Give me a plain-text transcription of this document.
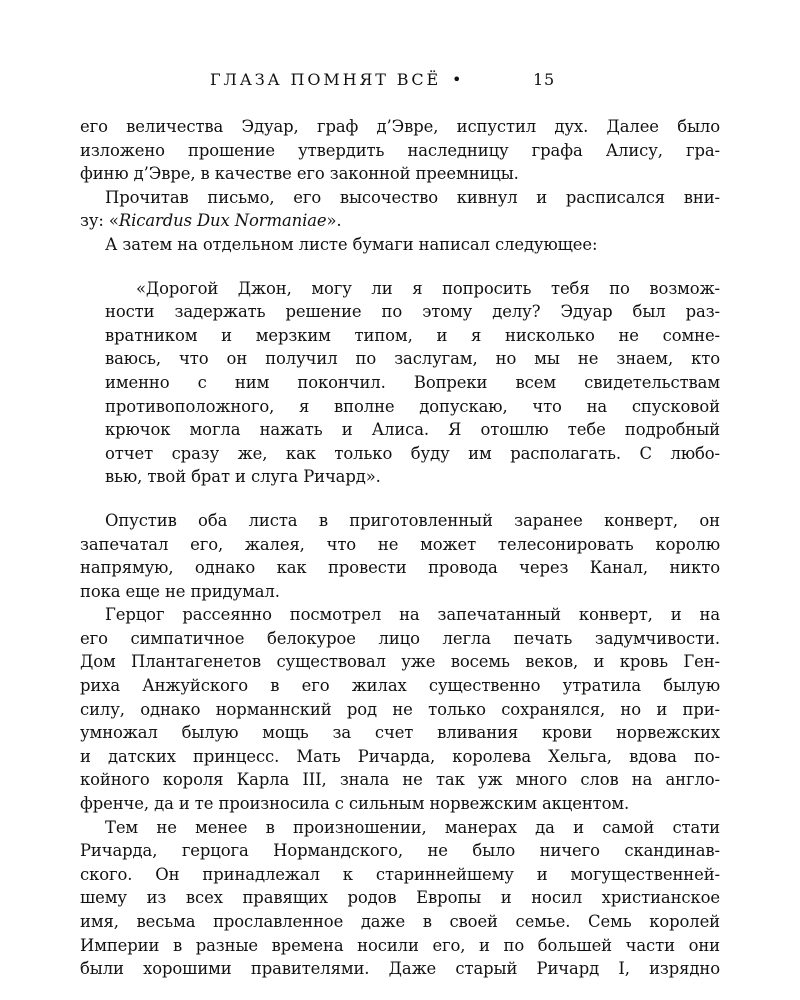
ГЛАЗА ПОМНЯТ ВСЁ •	15
его величества Эдуар, граф д’Эвре, испустил дух. Далее было
изложено прошение утвердить наследницу графа Алису, гра-
финю д’Эвре, в качестве его законной преемницы.
Прочитав письмо, его высочество кивнул и расписался вни-
зу: «Ricardus Dux Normaniae».
А затем на отдельном листе бумаги написал следующее:
«Дорогой Джон, могу ли я попросить тебя по возмож-
ности задержать решение по этому делу? Эдуар был раз-
вратником и мерзким типом, и я нисколько не сомне-
ваюсь, что он получил по заслугам, но мы не знаем, кто
именно с ним покончил. Вопреки всем свидетельствам
противоположного, я вполне допускаю, что на спусковой
крючок могла нажать и Алиса. Я отошлю тебе подробный
отчет сразу же, как только буду им располагать. С любо-
вью, твой брат и слуга Ричард».
Опустив оба листа в приготовленный заранее конверт, он
запечатал его, жалея, что не может телесонировать королю
напрямую, однако как провести провода через Канал, никто
пока еще не придумал.
Герцог рассеянно посмотрел на запечатанный конверт, и на
его симпатичное белокурое лицо легла печать задумчивости.
Дом Плантагенетов существовал уже восемь веков, и кровь Ген-
риха Анжуйского в его жилах существенно утратила былую
силу, однако норманнский род не только сохранялся, но и при-
умножал былую мощь за счет вливания крови норвежских
и датских принцесс. Мать Ричарда, королева Хельга, вдова по-
койного короля Карла III, знала не так уж много слов на англо-
френче, да и те произносила с сильным норвежским акцентом.
Тем не менее в произношении, манерах да и самой стати
Ричарда, герцога Нормандского, не было ничего скандинав-
ского. Он принадлежал к стариннейшему и могущественней-
шему из всех правящих родов Европы и носил христианское
имя, весьма прославленное даже в своей семье. Семь королей
Империи в разные времена носили его, и по большей части они
были хорошими правителями. Даже старый Ричард I, изрядно
